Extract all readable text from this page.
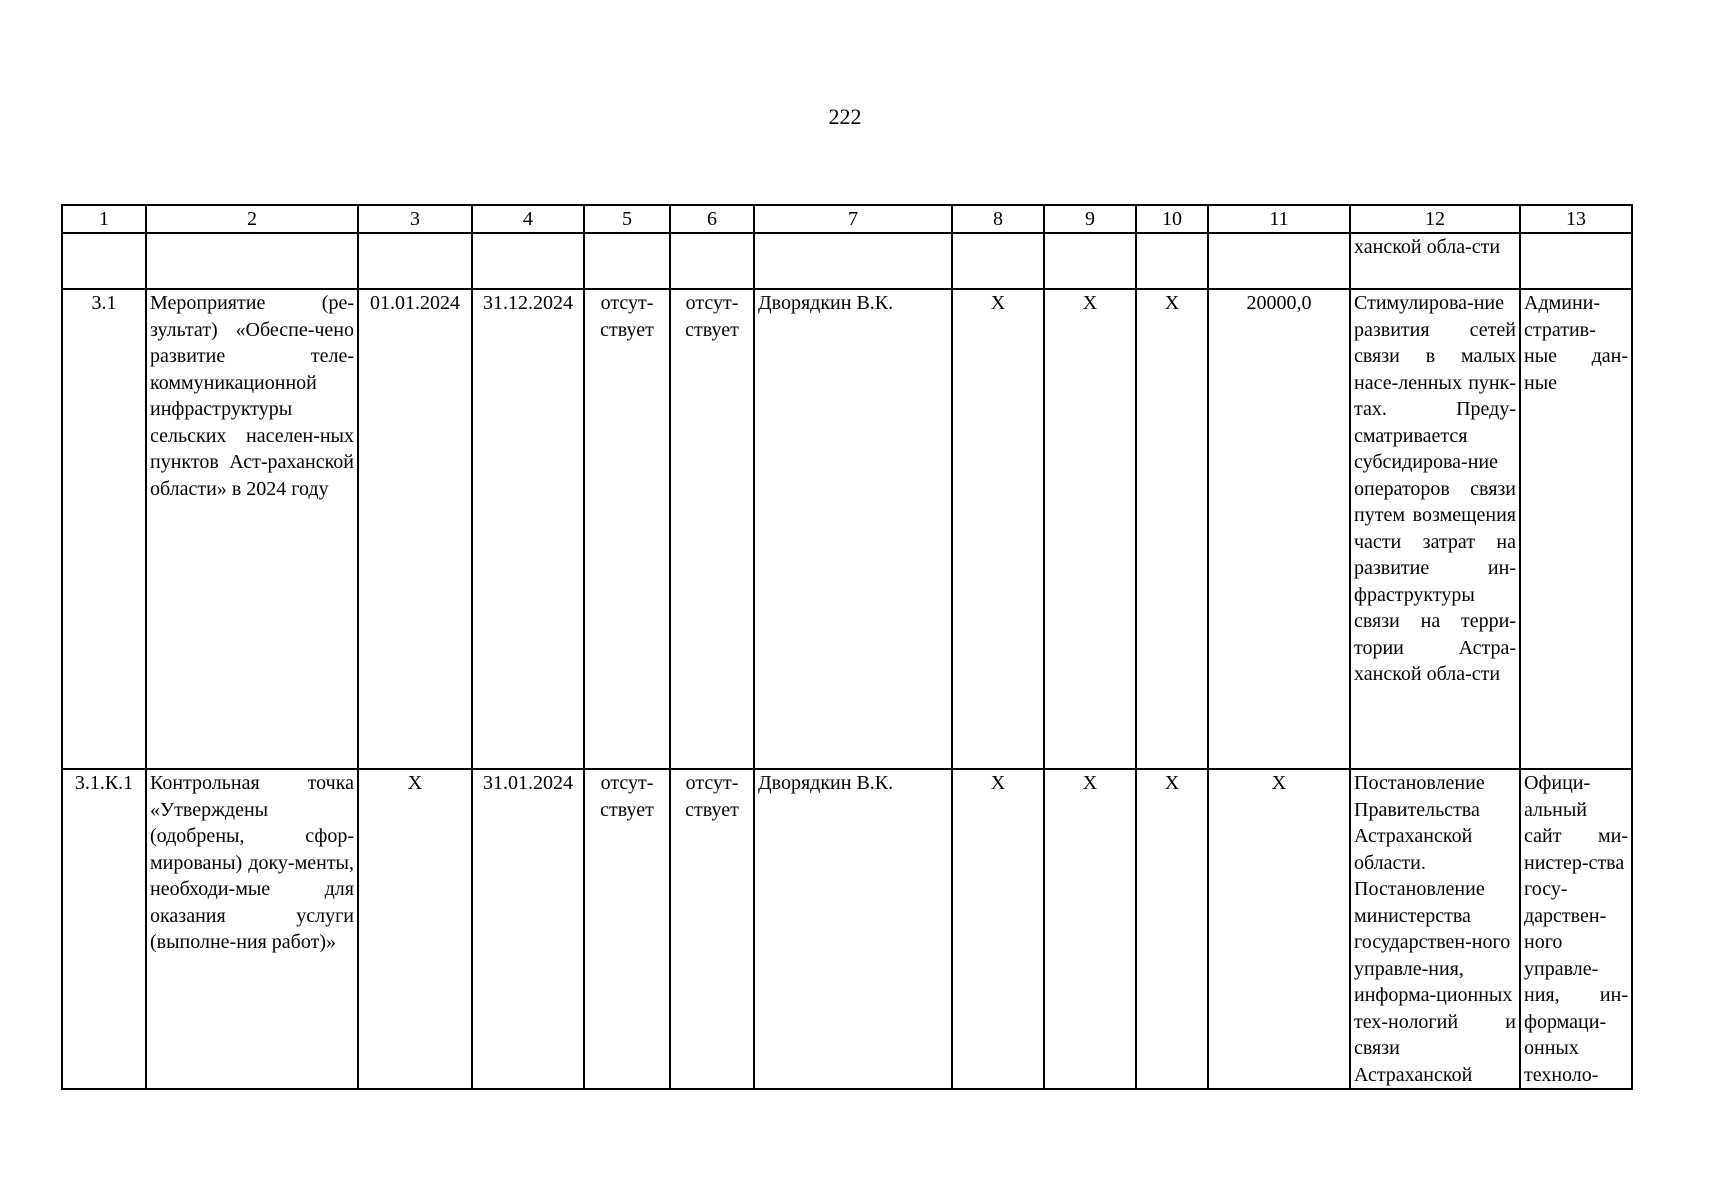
222
1	2	3	4	5	6	7	8	9	10	11	12	13
											ханской обла-сти	
3.1	Мероприятие (ре-зультат) «Обеспе-чено развитие теле-коммуникационной инфраструктуры сельских населен-ных пунктов Аст-раханской области» в 2024 году	01.01.2024	31.12.2024	отсут-ствует	отсут-ствует	Дворядкин В.К.	X	X	X	20000,0	Стимулирова-ние развития сетей связи в малых насе-ленных пунк-тах. Преду-сматривается субсидирова-ние операторов связи путем возмещения части затрат на развитие ин-фраструктуры связи на терри-тории Астра-ханской обла-сти	Админи-стратив-ные дан-ные
3.1.К.1	Контрольная точка «Утверждены (одобрены, сфор-мированы) доку-менты, необходи-мые для оказания услуги (выполне-ния работ)»	X	31.01.2024	отсут-ствует	отсут-ствует	Дворядкин В.К.	X	X	X	X	Постановление Правительства Астраханской области. Постановление министерства государствен-ного управле-ния, информа-ционных тех-нологий и связи Астраханской	Офици-альный сайт ми-нистер-ства госу-дарствен-ного управле-ния, ин-формаци-онных техноло-
